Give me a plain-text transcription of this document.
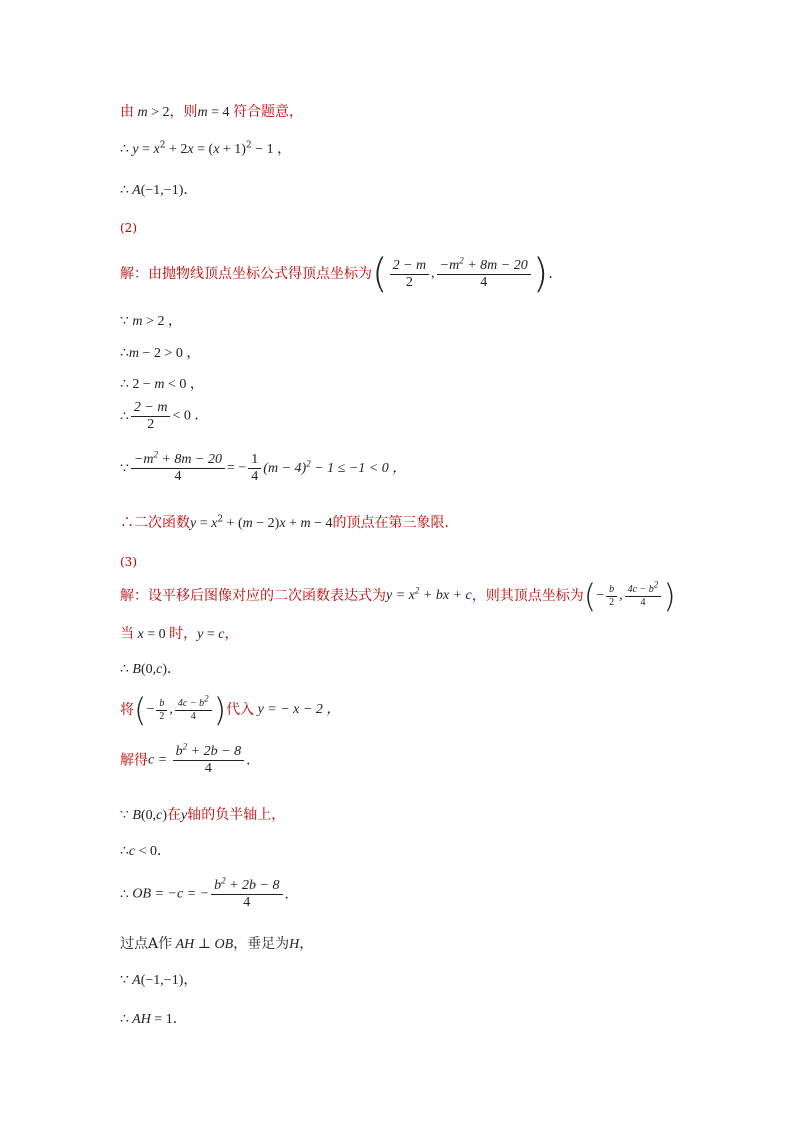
由 m > 2，则m = 4 符合题意，
∴ $y = x^2 + 2x = (x + 1)^2 - 1$ ，
∴ A(−1,−1)．
(2)
解：由抛物线顶点坐标公式得顶点坐标为( $\frac{2 - m}{2}$ , $\frac{-m^2 + 8m - 20}{4}$ )．
∵ m > 2 ，
∴m − 2 > 0 ，
∴ 2 − m < 0 ，
∴ $\frac{2 - m}{2} < 0$ ．
∵ $\frac{-m^2 + 8m - 20}{4}$ = − $\frac{1}{4} (m - 4)^2 - 1 \le -1 < 0$ ，
∴二次函数$y = x^2 + (m - 2)x + m - 4$的顶点在第三象限．
(3)
解：设平移后图像对应的二次函数表达式为$y = x^2$ + bx + c，则其顶点坐标为(− $\frac{b}{2}$ , $\frac{4c - b^2}{4}$ )
当 x = 0 时，y = c，
∴ B(0,c)．
将(− $\frac{b}{2}$ , $\frac{4c - b^2}{4}$ )代入 y = − x − 2 ，
解得$c = \frac{b^2 + 2b - 8}{4}$ ．
∵ B(0,c)在y轴的负半轴上，
∴c < 0．
∴ OB = −c = − $\frac{b^2 + 2b - 8}{4}$ ．
过点A作 AH ⊥ OB，垂足为H，
∵ A(−1,−1)，
∴ AH = 1．
